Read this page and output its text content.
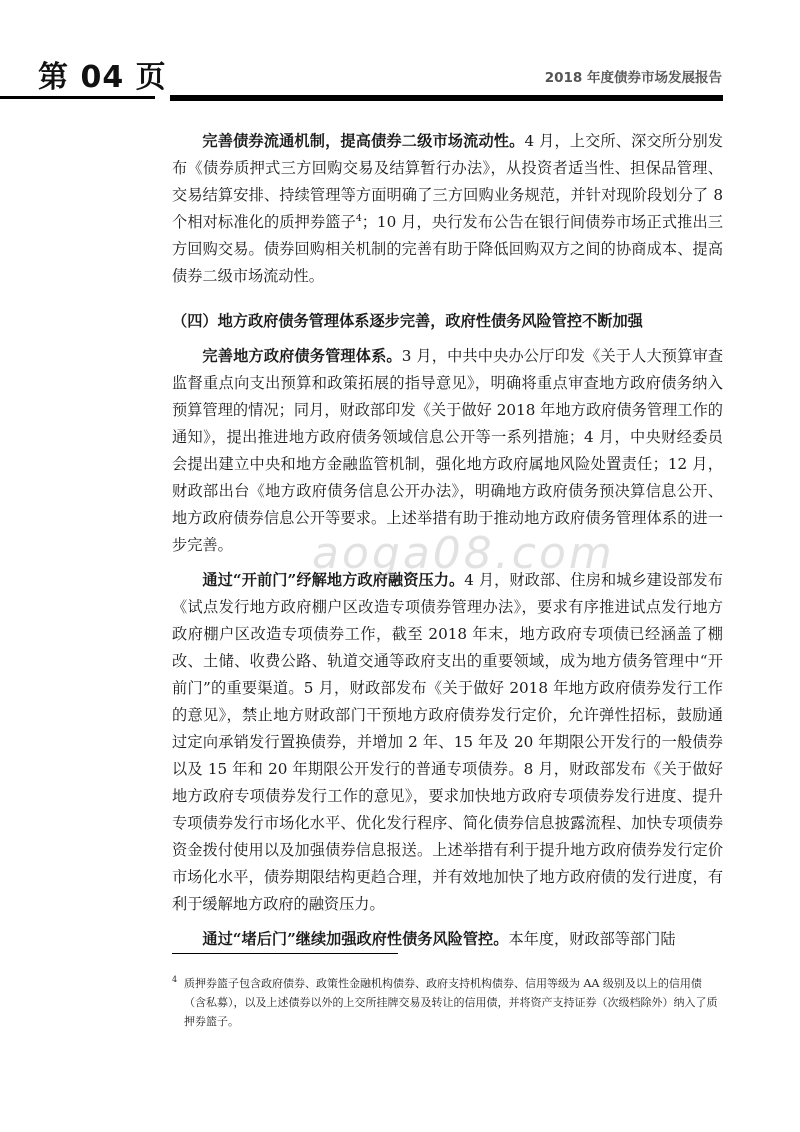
第 04 页	2018 年度债券市场发展报告

完善债券流通机制，提高债券二级市场流动性。4 月，上交所、深交所分别发布《债券质押式三方回购交易及结算暂行办法》，从投资者适当性、担保品管理、交易结算安排、持续管理等方面明确了三方回购业务规范，并针对现阶段划分了 8 个相对标准化的质押券篮子$^4$；10 月，央行发布公告在银行间债券市场正式推出三方回购交易。债券回购相关机制的完善有助于降低回购双方之间的协商成本、提高债券二级市场流动性。

（四）地方政府债务管理体系逐步完善，政府性债务风险管控不断加强

完善地方政府债务管理体系。3 月，中共中央办公厅印发《关于人大预算审查监督重点向支出预算和政策拓展的指导意见》，明确将重点审查地方政府债务纳入预算管理的情况；同月，财政部印发《关于做好 2018 年地方政府债务管理工作的通知》，提出推进地方政府债务领域信息公开等一系列措施；4 月，中央财经委员会提出建立中央和地方金融监管机制，强化地方政府属地风险处置责任；12 月，财政部出台《地方政府债务信息公开办法》，明确地方政府债务预决算信息公开、地方政府债券信息公开等要求。上述举措有助于推动地方政府债务管理体系的进一步完善。

通过“开前门”纾解地方政府融资压力。4 月，财政部、住房和城乡建设部发布《试点发行地方政府棚户区改造专项债券管理办法》，要求有序推进试点发行地方政府棚户区改造专项债券工作，截至 2018 年末，地方政府专项债已经涵盖了棚改、土储、收费公路、轨道交通等政府支出的重要领域，成为地方债务管理中“开前门”的重要渠道。5 月，财政部发布《关于做好 2018 年地方政府债券发行工作的意见》，禁止地方财政部门干预地方政府债券发行定价，允许弹性招标，鼓励通过定向承销发行置换债券，并增加 2 年、15 年及 20 年期限公开发行的一般债券以及 15 年和 20 年期限公开发行的普通专项债券。8 月，财政部发布《关于做好地方政府专项债券发行工作的意见》，要求加快地方政府专项债券发行进度、提升专项债券发行市场化水平、优化发行程序、简化债券信息披露流程、加快专项债券资金拨付使用以及加强债券信息报送。上述举措有利于提升地方政府债券发行定价市场化水平，债券期限结构更趋合理，并有效地加快了地方政府债的发行进度，有利于缓解地方政府的融资压力。

通过“堵后门”继续加强政府性债务风险管控。本年度，财政部等部门陆

aoga08.com
4 质押券篮子包含政府债券、政策性金融机构债券、政府支持机构债券、信用等级为 AA 级别及以上的信用债（含私募），以及上述债券以外的上交所挂牌交易及转让的信用债，并将资产支持证券（次级档除外）纳入了质押券篮子。
